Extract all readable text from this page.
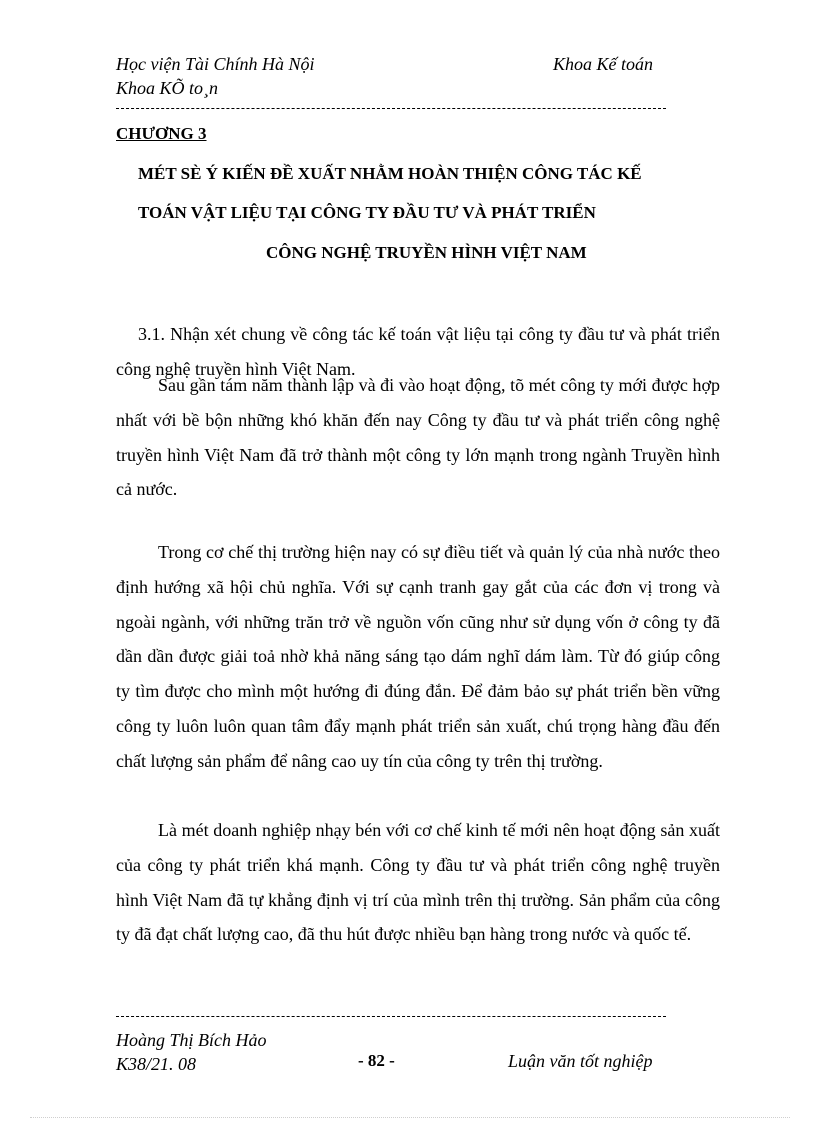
Học viện Tài Chính Hà Nội
Khoa KÕ to¸n
Khoa Kế toán
CHƯƠNG 3
MÉT SÈ Ý KIẾN ĐỀ XUẤT NHẰM HOÀN THIỆN CÔNG TÁC KẾ
TOÁN VẬT LIỆU TẠI CÔNG TY ĐẦU TƯ VÀ PHÁT TRIỂN
CÔNG NGHỆ TRUYỀN HÌNH VIỆT NAM

3.1. Nhận xét chung về công tác kế toán vật liệu tại công ty đầu tư và phát triển công nghệ truyền hình Việt Nam.

Sau gần tám năm thành lập và đi vào hoạt động, tõ mét công ty mới được hợp nhất với bề bộn những khó khăn đến nay Công ty đầu tư và phát triển công nghệ truyền hình Việt Nam đã trở thành một công ty lớn mạnh trong ngành Truyền hình cả nước.

Trong cơ chế thị trường hiện nay có sự điều tiết và quản lý của nhà nước theo định hướng xã hội chủ nghĩa. Với sự cạnh tranh gay gắt của các đơn vị trong và ngoài ngành, với những trăn trở về nguồn vốn cũng như sử dụng vốn ở công ty đã dần dần được giải toả nhờ khả năng sáng tạo dám nghĩ dám làm. Từ đó giúp công ty tìm được cho mình một hướng đi đúng đắn. Để đảm bảo sự phát triển bền vững công ty luôn luôn quan tâm đẩy mạnh phát triển sản xuất, chú trọng hàng đầu đến chất lượng sản phẩm để nâng cao uy tín của công ty trên thị trường.

Là mét doanh nghiệp nhạy bén với cơ chế kinh tế mới nên hoạt động sản xuất của công ty phát triển khá mạnh. Công ty đầu tư và phát triển công nghệ truyền hình Việt Nam đã tự khẳng định vị trí của mình trên thị trường. Sản phẩm của công ty đã đạt chất lượng cao, đã thu hút được nhiều bạn hàng trong nước và quốc tế.

Hoàng Thị Bích Hảo
K38/21. 08	- 82 -	Luận văn tốt nghiệp
